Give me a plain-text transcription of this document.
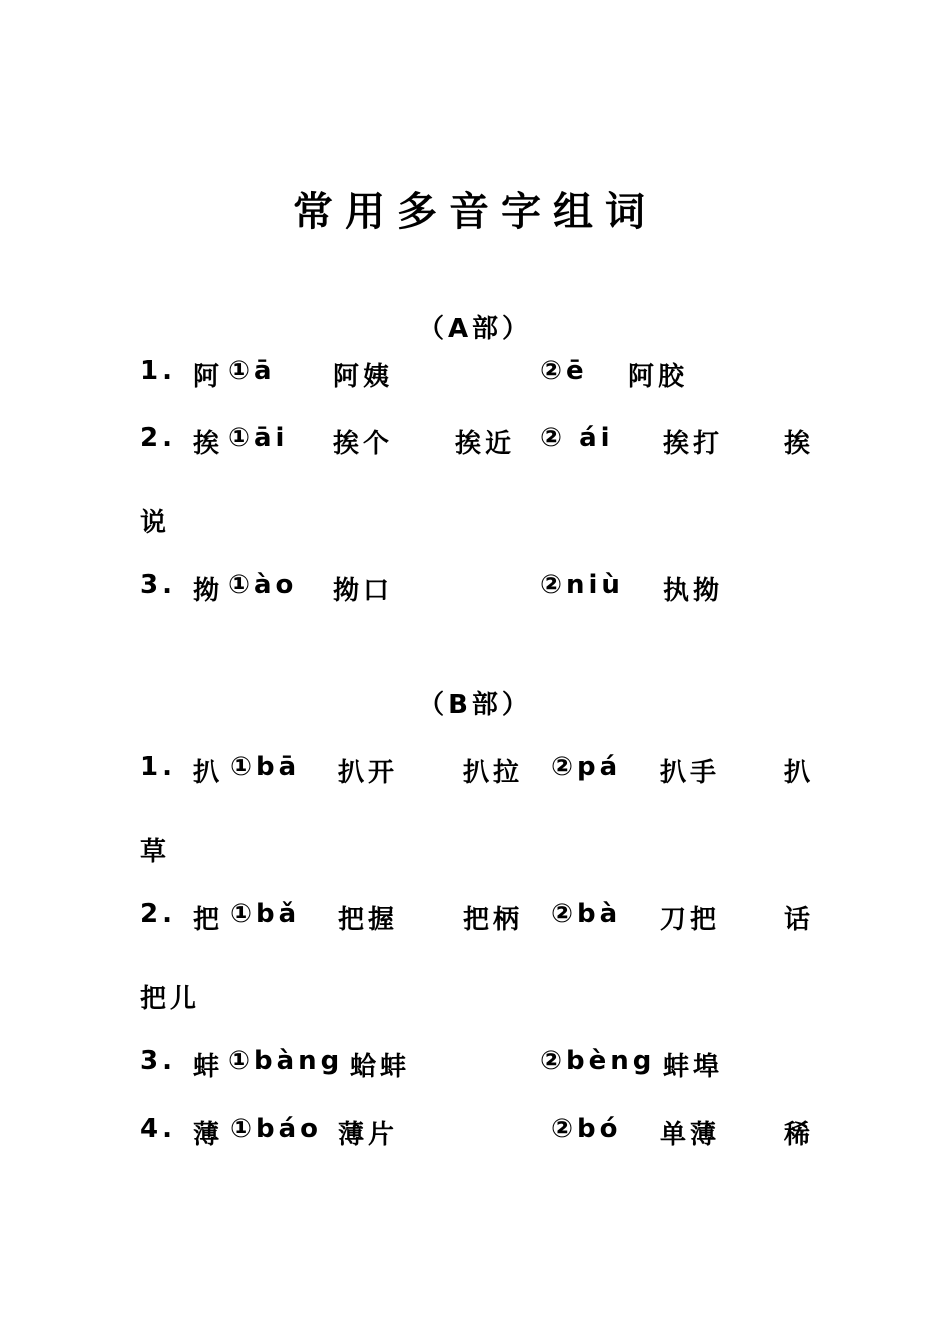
常用多音字组词
（A部）
1. 阿 ①ā 阿姨	②ē 阿胶
2. 挨 ①āi 挨个 挨近 ② ái 挨打 挨
说
3. 拗 ①ào 拗口	②niù 执拗
（B部）
1. 扒 ①bā 扒开 扒拉 ②pá 扒手 扒
草
2. 把 ①bǎ 把握 把柄 ②bà 刀把 话
把儿
3. 蚌 ①bàng 蛤蚌	②bèng 蚌埠
4. 薄 ①báo 薄片	②bó 单薄 稀
